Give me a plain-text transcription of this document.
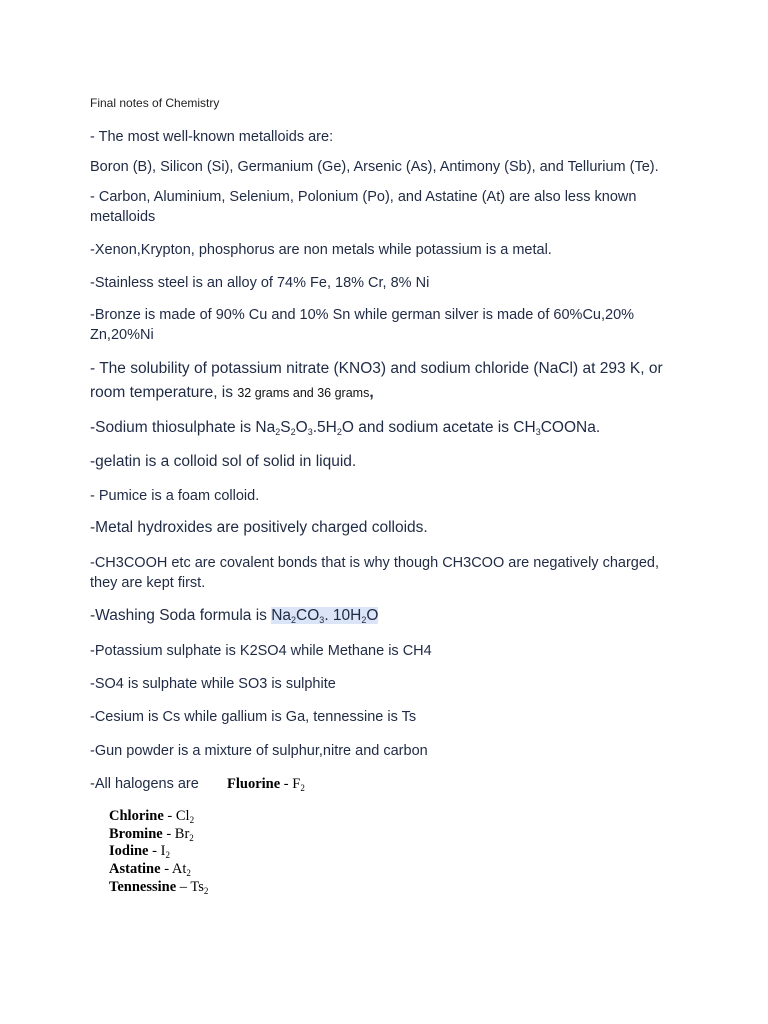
Final notes of Chemistry
- The most well-known metalloids are:
Boron (B), Silicon (Si), Germanium (Ge), Arsenic (As), Antimony (Sb), and Tellurium (Te).
- Carbon, Aluminium, Selenium, Polonium (Po), and Astatine (At) are also less known metalloids
-Xenon,Krypton, phosphorus are non metals while potassium is a metal.
-Stainless steel is an alloy of 74% Fe, 18% Cr, 8% Ni
-Bronze is made of 90% Cu and 10% Sn while german silver is made of 60%Cu,20% Zn,20%Ni
- The solubility of potassium nitrate (KNO3) and sodium chloride (NaCl) at 293 K, or room temperature, is 32 grams and 36 grams,
-Sodium thiosulphate is $Na_2S_2O_3.5H_2O$ and sodium acetate is $CH_3COONa$.
-gelatin is a colloid sol of solid in liquid.
- Pumice is a foam colloid.
-Metal hydroxides are positively charged colloids.
-CH3COOH etc are covalent bonds that is why though CH3COO are negatively charged, they are kept first.
-Washing Soda formula is $Na_2CO_3$. $10H_2O$
-Potassium sulphate is K2SO4 while Methane is CH4
-SO4 is sulphate while SO3 is sulphite
-Cesium is Cs while gallium is Ga, tennessine is Ts
-Gun powder is a mixture of sulphur,nitre and carbon
-All halogens are Fluorine - $F_2$
Chlorine - $Cl_2$
Bromine - $Br_2$
Iodine - $I_2$
Astatine - $At_2$
Tennessine – $Ts_2$
